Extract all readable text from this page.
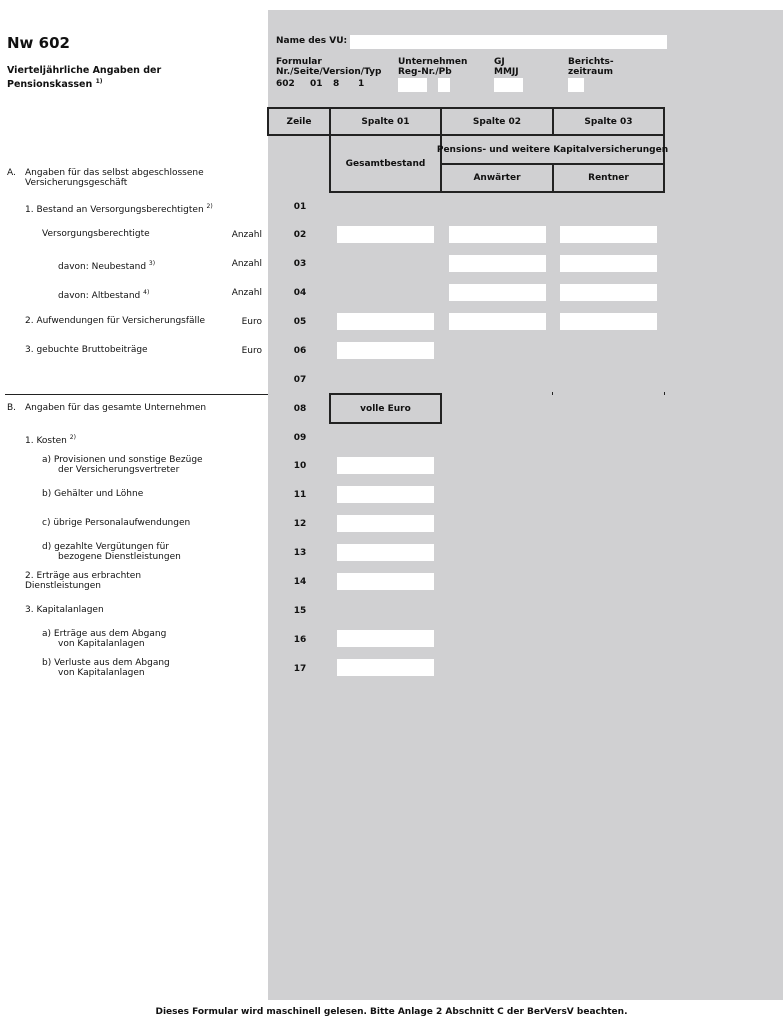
Nw 602
Vierteljährliche Angaben der
Pensionskassen $^{1)}$
Name des VU:
Formular
Nr./Seite/Version/Typ
602 01 8 1
Unternehmen
Reg-Nr./Pb
GJ
MMJJ
Berichts-
zeitraum
Zeile	Spalte 01	Spalte 02	Spalte 03
Gesamtbestand
Pensions- und weitere Kapitalversicherungen
Anwärter	Rentner
A. Angaben für das selbst abgeschlossene
Versicherungsgeschäft
1. Bestand an Versorgungsberechtigten $^{2)}$	01
Versorgungsberechtigte	Anzahl	02
davon: Neubestand $^{3)}$	Anzahl	03
davon: Altbestand $^{4)}$	Anzahl	04
2. Aufwendungen für Versicherungsfälle	Euro	05
3. gebuchte Bruttobeiträge	Euro	06
07
B. Angaben für das gesamte Unternehmen	08	volle Euro
1. Kosten $^{2)}$	09
a) Provisionen und sonstige Bezüge
der Versicherungsvertreter	10
b) Gehälter und Löhne	11
c) übrige Personalaufwendungen	12
d) gezahlte Vergütungen für
bezogene Dienstleistungen	13
2. Erträge aus erbrachten
Dienstleistungen	14
3. Kapitalanlagen	15
a) Erträge aus dem Abgang
von Kapitalanlagen	16
b) Verluste aus dem Abgang
von Kapitalanlagen	17
Dieses Formular wird maschinell gelesen. Bitte Anlage 2 Abschnitt C der BerVersV beachten.
